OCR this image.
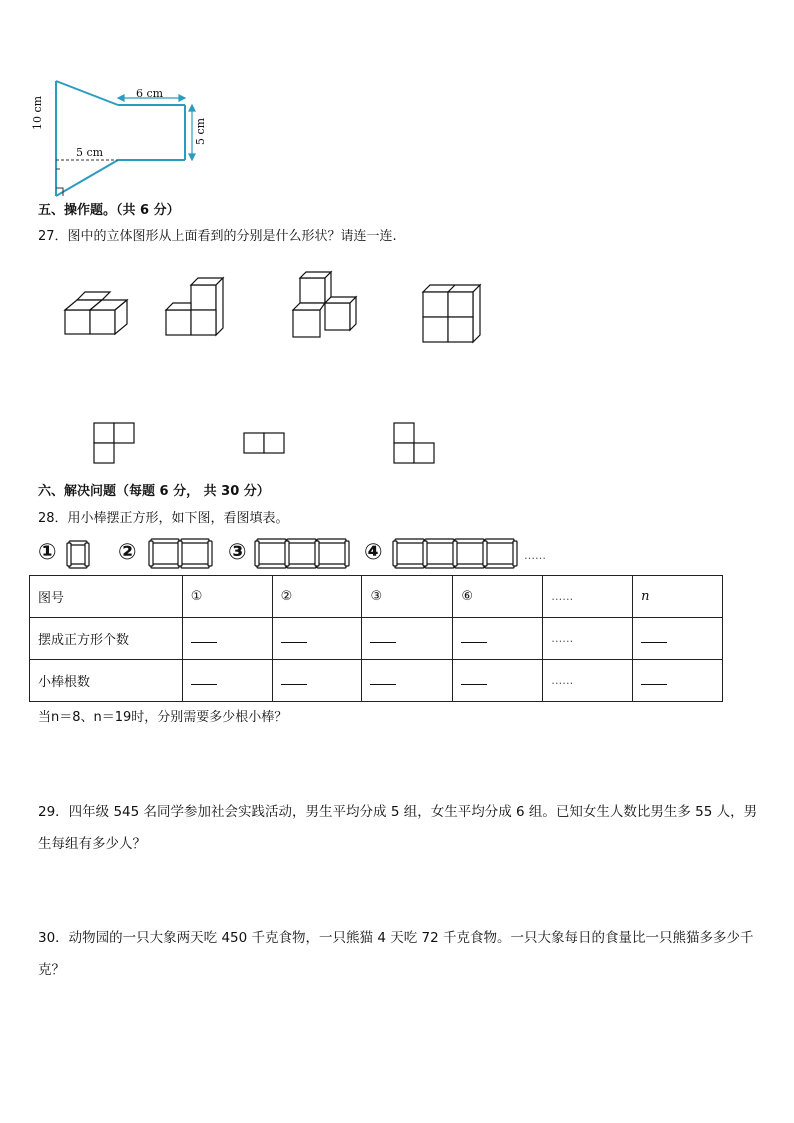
10 cm
6 cm
5 cm
5 cm
五、操作题。（共 6 分）
27．图中的立体图形从上面看到的分别是什么形状？请连一连.
六、解决问题（每题 6 分， 共 30 分）
28．用小棒摆正方形，如下图，看图填表。
①	②	③	④	……
图号	①	②	③	⑥	……	n
摆成正方形个数					……	
小棒根数					……	
当n＝8、n＝19时，分别需要多少根小棒？
29．四年级 545 名同学参加社会实践活动，男生平均分成 5 组，女生平均分成 6 组。已知女生人数比男生多 55 人，男
生每组有多少人？
30．动物园的一只大象两天吃 450 千克食物，一只熊猫 4 天吃 72 千克食物。一只大象每日的食量比一只熊猫多多少千
克？
